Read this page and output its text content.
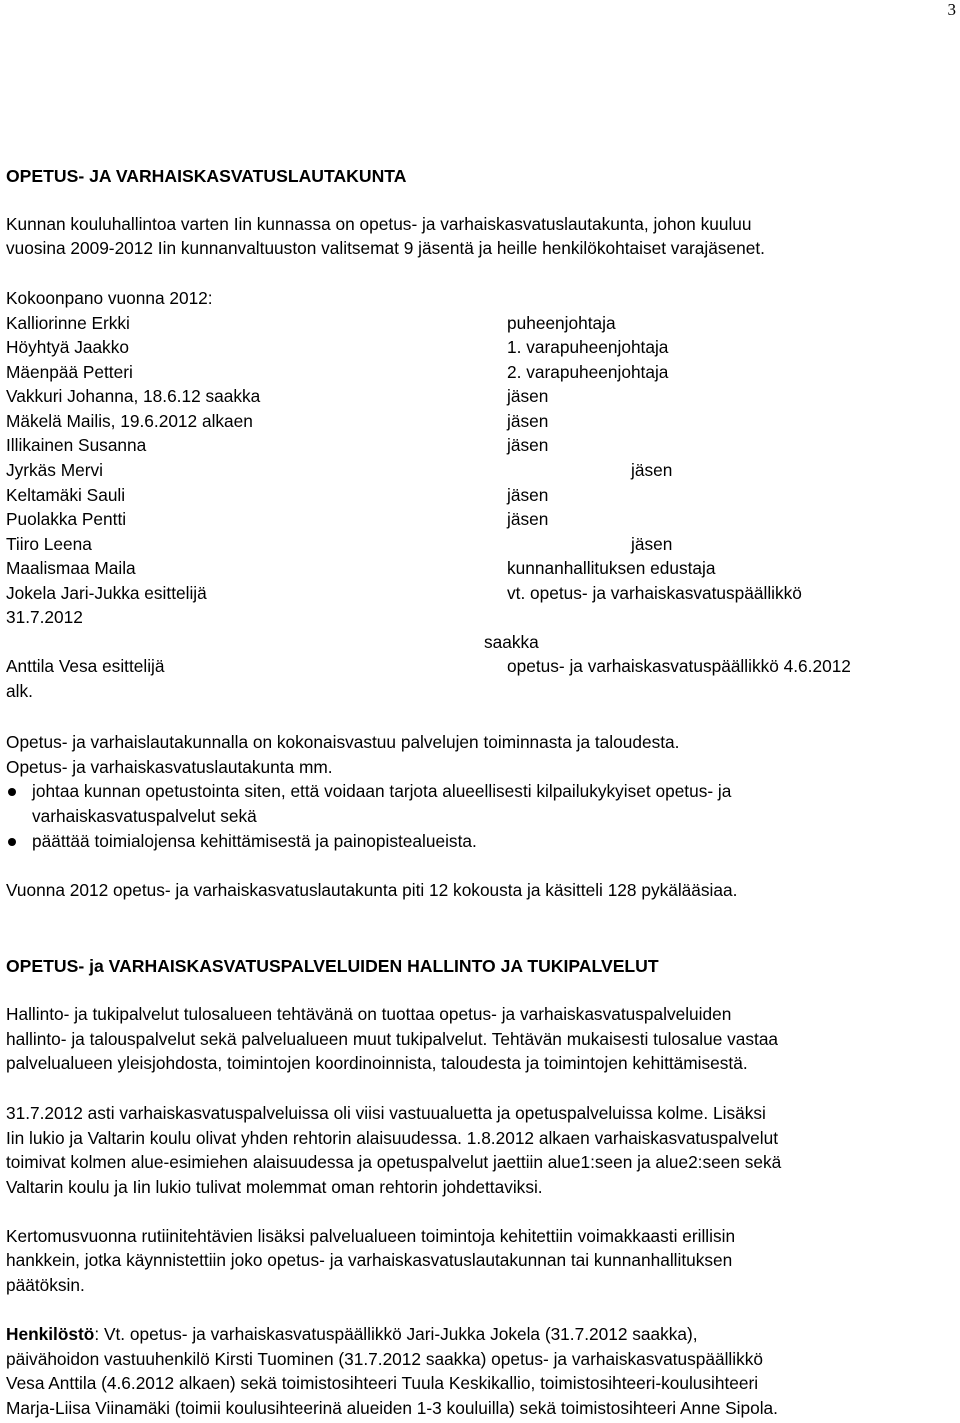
3
OPETUS- JA VARHAISKASVATUSLAUTAKUNTA
Kunnan kouluhallintoa varten Iin kunnassa on opetus- ja varhaiskasvatuslautakunta, johon kuuluu
vuosina 2009-2012 Iin kunnanvaltuuston valitsemat 9 jäsentä ja heille henkilökohtaiset varajäsenet.
Kokoonpano vuonna 2012:
Kalliorinne Erkki	puheenjohtaja
Höyhtyä Jaakko	1. varapuheenjohtaja
Mäenpää Petteri	2. varapuheenjohtaja
Vakkuri Johanna, 18.6.12 saakka	jäsen
Mäkelä Mailis, 19.6.2012 alkaen	jäsen
Illikainen Susanna	jäsen
Jyrkäs Mervi	jäsen
Keltamäki Sauli	jäsen
Puolakka Pentti	jäsen
Tiiro Leena	jäsen
Maalismaa Maila	kunnanhallituksen edustaja
Jokela Jari-Jukka esittelijä	vt. opetus- ja varhaiskasvatuspäällikkö
31.7.2012
saakka
Anttila Vesa esittelijä	opetus- ja varhaiskasvatuspäällikkö 4.6.2012
alk.
Opetus- ja varhaislautakunnalla on kokonaisvastuu palvelujen toiminnasta ja taloudesta.
Opetus- ja varhaiskasvatuslautakunta mm.
johtaa kunnan opetustointa siten, että voidaan tarjota alueellisesti kilpailukykyiset opetus- ja
varhaiskasvatuspalvelut sekä
päättää toimialojensa kehittämisestä ja painopistealueista.
Vuonna 2012 opetus- ja varhaiskasvatuslautakunta piti 12 kokousta ja käsitteli 128 pykälääsiaa.
OPETUS- ja VARHAISKASVATUSPALVELUIDEN HALLINTO JA TUKIPALVELUT
Hallinto- ja tukipalvelut tulosalueen tehtävänä on tuottaa opetus- ja varhaiskasvatuspalveluiden
hallinto- ja talouspalvelut sekä palvelualueen muut tukipalvelut. Tehtävän mukaisesti tulosalue vastaa
palvelualueen yleisjohdosta, toimintojen koordinoinnista, taloudesta ja toimintojen kehittämisestä.
31.7.2012 asti varhaiskasvatuspalveluissa oli viisi vastuualuetta ja opetuspalveluissa kolme. Lisäksi
Iin lukio ja Valtarin koulu olivat yhden rehtorin alaisuudessa. 1.8.2012 alkaen varhaiskasvatuspalvelut
toimivat kolmen alue-esimiehen alaisuudessa ja opetuspalvelut jaettiin alue1:seen ja alue2:seen sekä
Valtarin koulu ja Iin lukio tulivat molemmat oman rehtorin johdettaviksi.
Kertomusvuonna rutiinitehtävien lisäksi palvelualueen toimintoja kehitettiin voimakkaasti erillisin
hankkein, jotka käynnistettiin joko opetus- ja varhaiskasvatuslautakunnan tai kunnanhallituksen
päätöksin.
Henkilöstö: Vt. opetus- ja varhaiskasvatuspäällikkö Jari-Jukka Jokela (31.7.2012 saakka),
päivähoidon vastuuhenkilö Kirsti Tuominen (31.7.2012 saakka) opetus- ja varhaiskasvatuspäällikkö
Vesa Anttila (4.6.2012 alkaen) sekä toimistosihteeri Tuula Keskikallio, toimistosihteeri-koulusihteeri
Marja-Liisa Viinamäki (toimii koulusihteerinä alueiden 1-3 kouluilla) sekä toimistosihteeri Anne Sipola.
